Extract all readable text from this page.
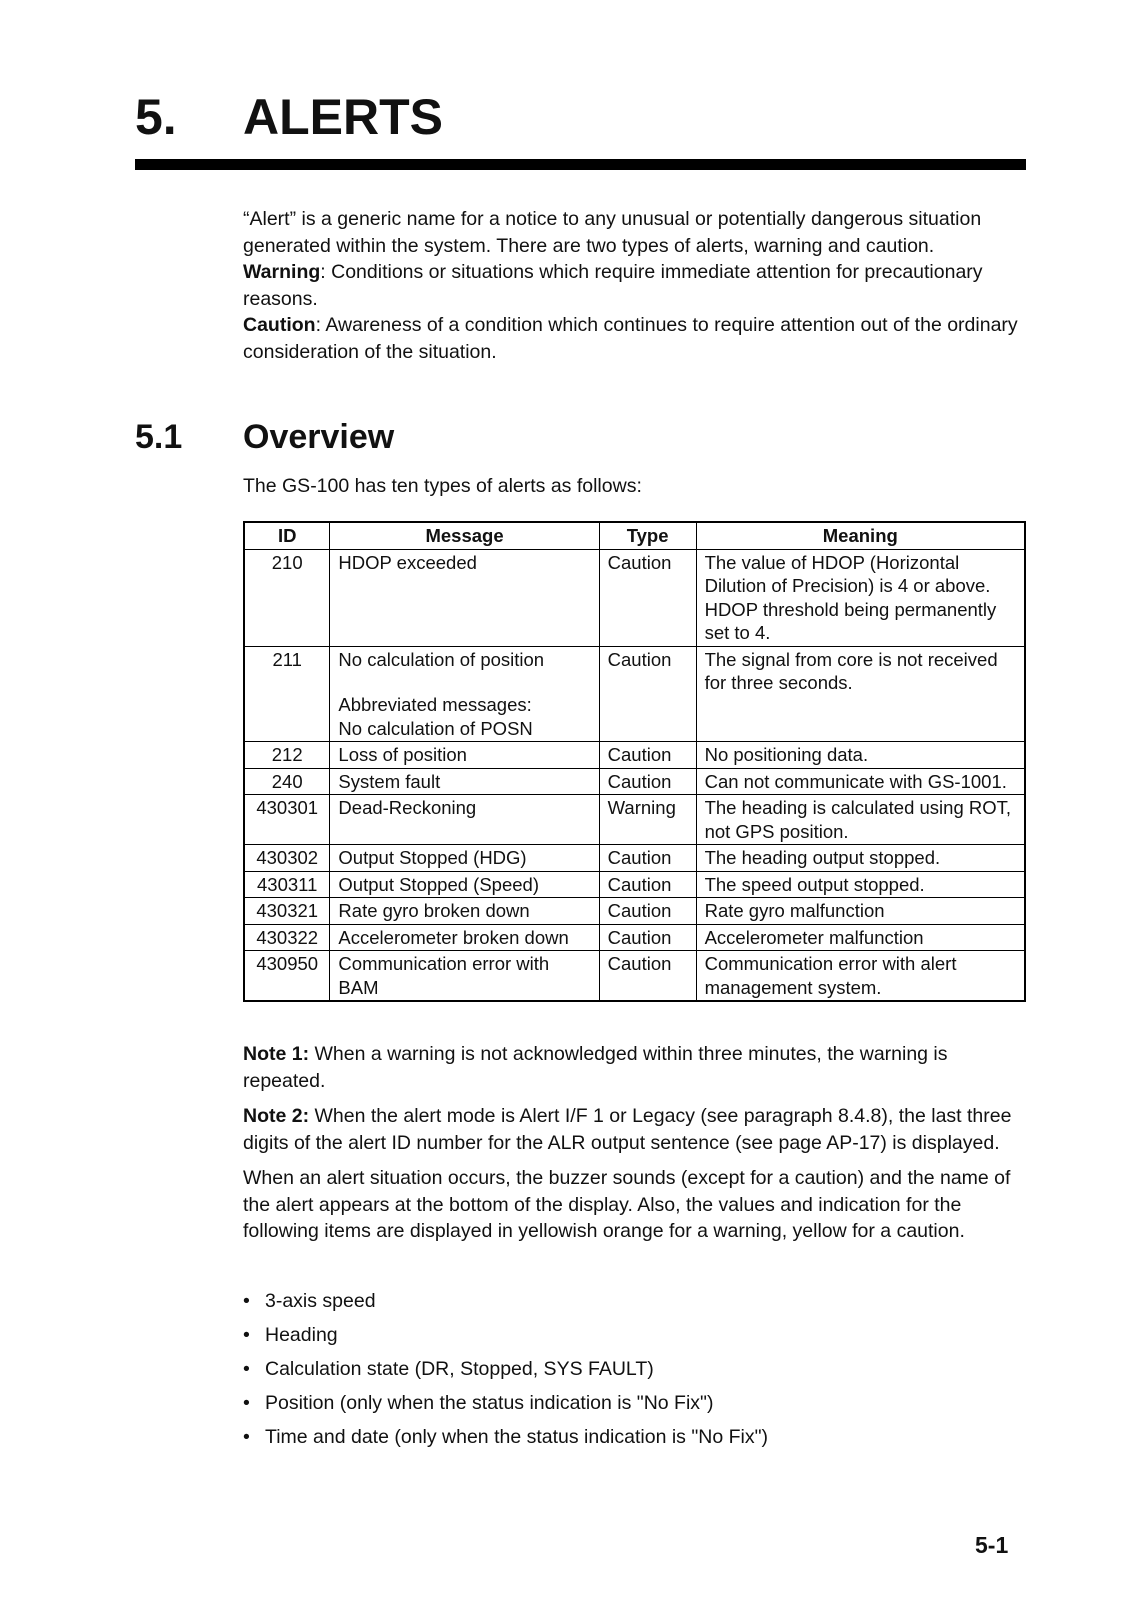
5. ALERTS

“Alert” is a generic name for a notice to any unusual or potentially dangerous situation generated within the system. There are two types of alerts, warning and caution.

Warning: Conditions or situations which require immediate attention for precautionary reasons.

Caution: Awareness of a condition which continues to require attention out of the ordinary consideration of the situation.

5.1 Overview
The GS-100 has ten types of alerts as follows:
ID	Message	Type	Meaning
210	HDOP exceeded	Caution	The value of HDOP (Horizontal Dilution of Precision) is 4 or above. HDOP threshold being permanently set to 4.
211	No calculation of position
Abbreviated messages:
No calculation of POSN	Caution	The signal from core is not received for three seconds.
212	Loss of position	Caution	No positioning data.
240	System fault	Caution	Can not communicate with GS-1001.
430301	Dead-Reckoning	Warning	The heading is calculated using ROT, not GPS position.
430302	Output Stopped (HDG)	Caution	The heading output stopped.
430311	Output Stopped (Speed)	Caution	The speed output stopped.
430321	Rate gyro broken down	Caution	Rate gyro malfunction
430322	Accelerometer broken down	Caution	Accelerometer malfunction
430950	Communication error with BAM	Caution	Communication error with alert management system.

Note 1: When a warning is not acknowledged within three minutes, the warning is repeated.

Note 2: When the alert mode is Alert I/F 1 or Legacy (see paragraph 8.4.8), the last three digits of the alert ID number for the ALR output sentence (see page AP-17) is displayed.

When an alert situation occurs, the buzzer sounds (except for a caution) and the name of the alert appears at the bottom of the display. Also, the values and indication for the following items are displayed in yellowish orange for a warning, yellow for a caution.

• 3-axis speed
• Heading
• Calculation state (DR, Stopped, SYS FAULT)
• Position (only when the status indication is "No Fix")
• Time and date (only when the status indication is "No Fix")
5-1
